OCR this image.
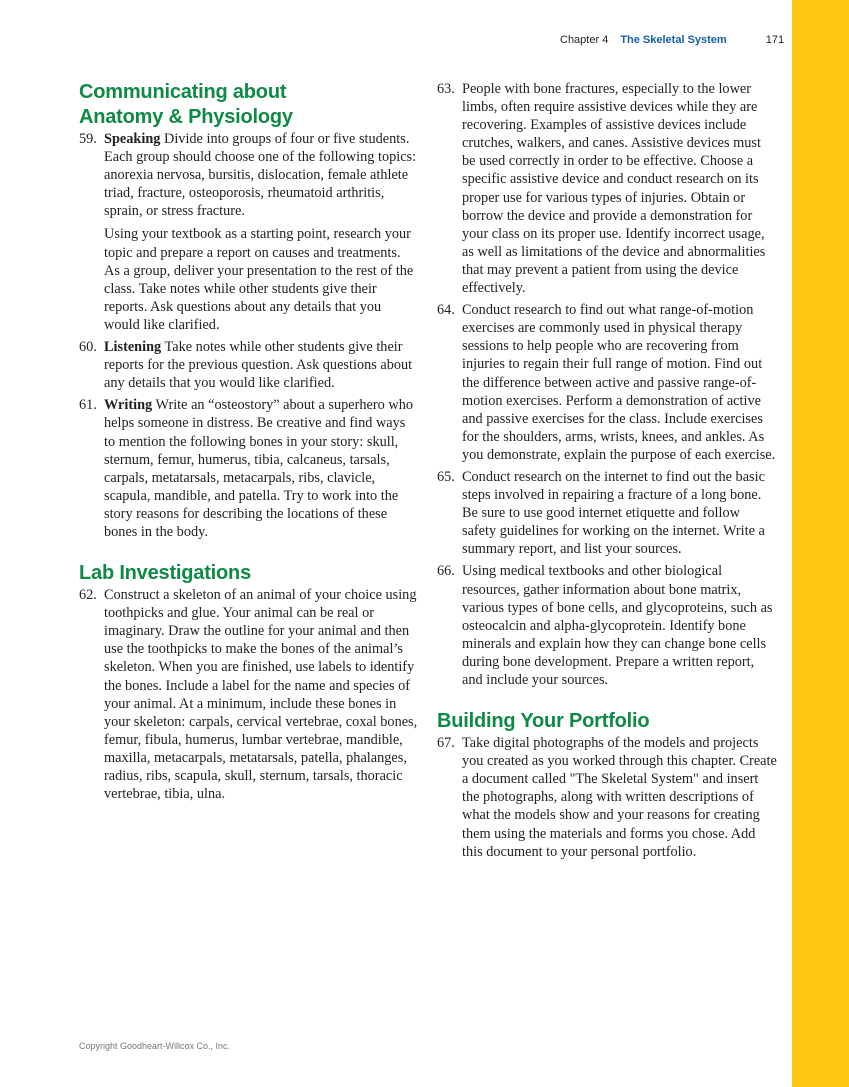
Chapter 4 The Skeletal System	171
Communicating about
Anatomy & Physiology
59. Speaking Divide into groups of four or five students. Each group should choose one of the following topics: anorexia nervosa, bursitis, dislocation, female athlete triad, fracture, osteoporosis, rheumatoid arthritis, sprain, or stress fracture.
Using your textbook as a starting point, research your topic and prepare a report on causes and treatments. As a group, deliver your presentation to the rest of the class. Take notes while other students give their reports. Ask questions about any details that you would like clarified.
60. Listening Take notes while other students give their reports for the previous question. Ask questions about any details that you would like clarified.
61. Writing Write an “osteostory” about a superhero who helps someone in distress. Be creative and find ways to mention the following bones in your story: skull, sternum, femur, humerus, tibia, calcaneus, tarsals, carpals, metatarsals, metacarpals, ribs, clavicle, scapula, mandible, and patella. Try to work into the story reasons for describing the locations of these bones in the body.
Lab Investigations
62. Construct a skeleton of an animal of your choice using toothpicks and glue. Your animal can be real or imaginary. Draw the outline for your animal and then use the toothpicks to make the bones of the animal’s skeleton. When you are finished, use labels to identify the bones. Include a label for the name and species of your animal. At a minimum, include these bones in your skeleton: carpals, cervical vertebrae, coxal bones, femur, fibula, humerus, lumbar vertebrae, mandible, maxilla, metacarpals, metatarsals, patella, phalanges, radius, ribs, scapula, skull, sternum, tarsals, thoracic vertebrae, tibia, ulna.
63. People with bone fractures, especially to the lower limbs, often require assistive devices while they are recovering. Examples of assistive devices include crutches, walkers, and canes. Assistive devices must be used correctly in order to be effective. Choose a specific assistive device and conduct research on its proper use for various types of injuries. Obtain or borrow the device and provide a demonstration for your class on its proper use. Identify incorrect usage, as well as limitations of the device and abnormalities that may prevent a patient from using the device effectively.
64. Conduct research to find out what range-of-motion exercises are commonly used in physical therapy sessions to help people who are recovering from injuries to regain their full range of motion. Find out the difference between active and passive range-of-motion exercises. Perform a demonstration of active and passive exercises for the class. Include exercises for the shoulders, arms, wrists, knees, and ankles. As you demonstrate, explain the purpose of each exercise.
65. Conduct research on the internet to find out the basic steps involved in repairing a fracture of a long bone. Be sure to use good internet etiquette and follow safety guidelines for working on the internet. Write a summary report, and list your sources.
66. Using medical textbooks and other biological resources, gather information about bone matrix, various types of bone cells, and glycoproteins, such as osteocalcin and alpha-glycoprotein. Identify bone minerals and explain how they can change bone cells during bone development. Prepare a written report, and include your sources.
Building Your Portfolio
67. Take digital photographs of the models and projects you created as you worked through this chapter. Create a document called "The Skeletal System" and insert the photographs, along with written descriptions of what the models show and your reasons for creating them using the materials and forms you chose. Add this document to your personal portfolio.
Copyright Goodheart-Willcox Co., Inc.
